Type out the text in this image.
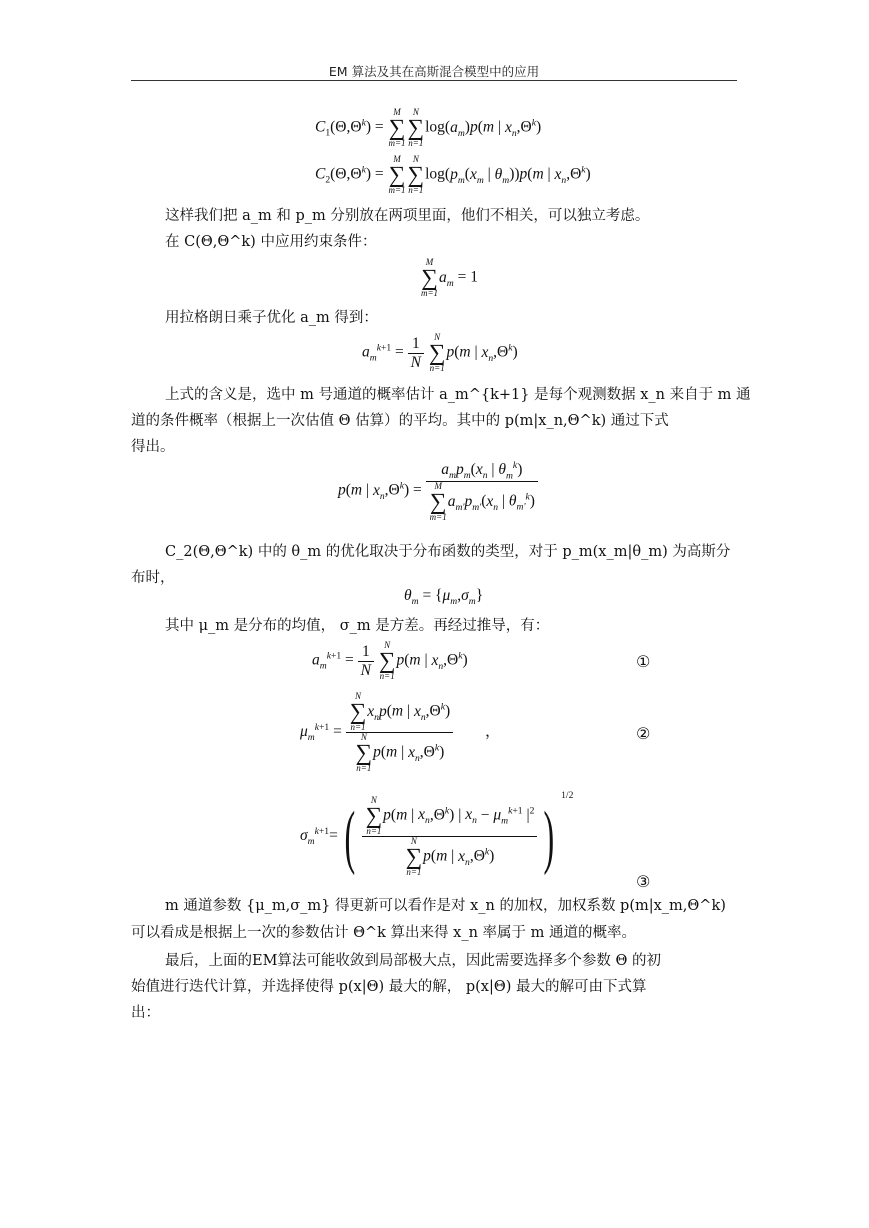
EM 算法及其在高斯混合模型中的应用
$C_1(\Theta,\Theta^k)$ =
M
∑
m=1
N
∑
n=1
$\log(a_m)p(m$ | $x_n,\Theta^k$)
$C_2(\Theta,\Theta^k)$ =
M
∑
m=1
N
∑
n=1
$\log(p_m(x_m$ | $\theta_m))p(m$ | $x_n,\Theta^k$)
这样我们把 a_m 和 p_m 分别放在两项里面，他们不相关，可以独立考虑。
在 C(Θ,Θ^k) 中应用约束条件：
M
∑
m=1
$a_m = 1$
用拉格朗日乘子优化 a_m 得到：
$a_m^{k+1} = \frac{1}{N}$
	N
∑
n=1
p(m | $x_n,\Theta^k$)
上式的含义是，选中 m 号通道的概率估计 a_m^{k+1} 是每个观测数据 x_n 来自于 m 通
道的条件概率（根据上一次估值 Θ 估算）的平均。其中的 p(m|x_n,Θ^k) 通过下式
得出。
p(m | $x_n,\Theta^k) = a_mp_m(x_n$ | $\theta_m^k$)
M
∑
m=1
$a_{m'}p_{m'}(x_n$ | $\theta_{m'}^k$)
C_2(Θ,Θ^k) 中的 θ_m 的优化取决于分布函数的类型，对于 p_m(x_m|θ_m) 为高斯分
布时，
$\theta_m = \{\mu_m,\sigma_m\}$
其中 μ_m 是分布的均值， σ_m 是方差。再经过推导，有：
$a_m^{k+1} = \frac{1}{N}$
	N
∑
n=1
p(m | $x_n,\Theta^k$)	①
$\mu_m^{k+1} = N$
∑
n=1
$x_np(m$ | $x_n,\Theta^k$)
N
∑
n=1
p(m | $x_n,\Theta^k$) ，	②
$\sigma_m^{k+1}=$( N
∑
n=1
p(m | $x_n,\Theta^k$) | $x_n - \mu_m^{k+1}$ $|^2$
N
∑
n=1
p(m | $x_n,\Theta^k$) )$^{1/2}$
③
m 通道参数 {μ_m,σ_m} 得更新可以看作是对 x_n 的加权，加权系数 p(m|x_m,Θ^k)
可以看成是根据上一次的参数估计 Θ^k 算出来得 x_n 率属于 m 通道的概率。
最后，上面的EM算法可能收敛到局部极大点，因此需要选择多个参数 Θ 的初
始值进行迭代计算，并选择使得 p(x|Θ) 最大的解， p(x|Θ) 最大的解可由下式算
出：
